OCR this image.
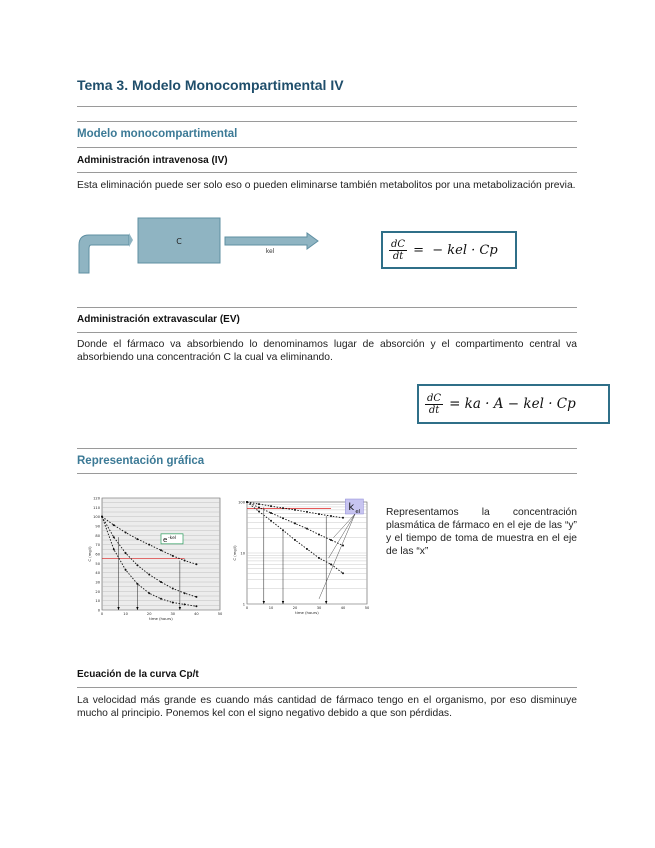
Tema 3. Modelo Monocompartimental IV
Modelo monocompartimental
Administración intravenosa (IV)
Esta eliminación puede ser solo eso o pueden eliminarse también metabolitos por una metabolización previa.
C
kel	$\frac{dC}{dt}$ =  − kel · Cp
Administración extravascular (EV)
Donde el fármaco va absorbiendo lo denominamos lugar de absorción y el compartimento central va absorbiendo una concentración C la cual va eliminando.
$\frac{dC}{dt}$ = ka · A − kel · Cp
Representación gráfica
0
10
20
30
40
50
60
70
80
90
100
110
120
0	10	20	30	40	50
time (hours)
C (mg/l)
e -kel
1
10
100
0	10	20	30	40	50
time (hours)
C (mg/l)
k el Representamos la concentración plasmática de fármaco en el eje de las “y” y el tiempo de toma de muestra en el eje de las “x”
Ecuación de la curva Cp/t
La velocidad más grande es cuando más cantidad de fármaco tengo en el organismo, por eso disminuye mucho al principio. Ponemos kel con el signo negativo debido a que son pérdidas.
